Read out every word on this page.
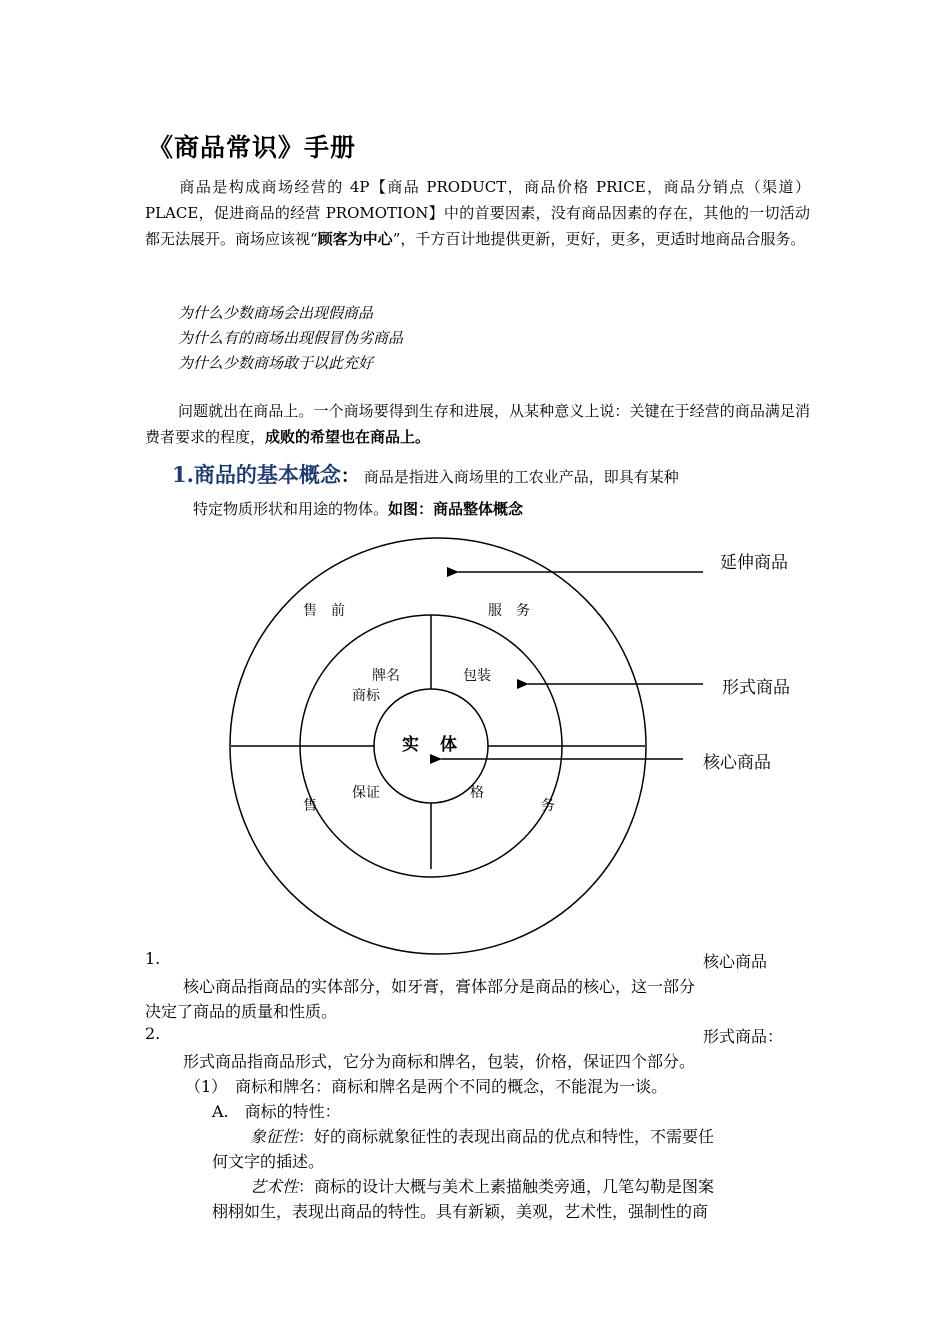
《商品常识》手册

商品是构成商场经营的 4P【商品 PRODUCT，商品价格 PRICE，商品分销点（渠道）PLACE，促进商品的经营 PROMOTION】中的首要因素，没有商品因素的存在，其他的一切活动都无法展开。商场应该视“顾客为中心”，千方百计地提供更新，更好，更多，更适时地商品合服务。

为什么少数商场会出现假商品
为什么有的商场出现假冒伪劣商品
为什么少数商场敢于以此充好

问题就出在商品上。一个商场要得到生存和进展，从某种意义上说：关键在于经营的商品满足消费者要求的程度，成败的希望也在商品上。

1.商品的基本概念： 商品是指进入商场里的工农业产品，即具有某种
特定物质形状和用途的物体。如图：商品整体概念

延伸商品
形式商品
核心商品
售　前	服　务
牌名
商标
包装
实　体
售
保证	格
务
1.	核心商品
核心商品指商品的实体部分，如牙膏，膏体部分是商品的核心，这一部分
决定了商品的质量和性质。
2.	形式商品：
形式商品指商品形式，它分为商标和牌名，包装，价格，保证四个部分。
（1）　商标和牌名：商标和牌名是两个不同的概念，不能混为一谈。
A.　商标的特性：
象征性：好的商标就象征性的表现出商品的优点和特性，不需要任
何文字的插述。
艺术性：商标的设计大概与美术上素描触类旁通，几笔勾勒是图案
栩栩如生，表现出商品的特性。具有新颖，美观，艺术性，强制性的商
